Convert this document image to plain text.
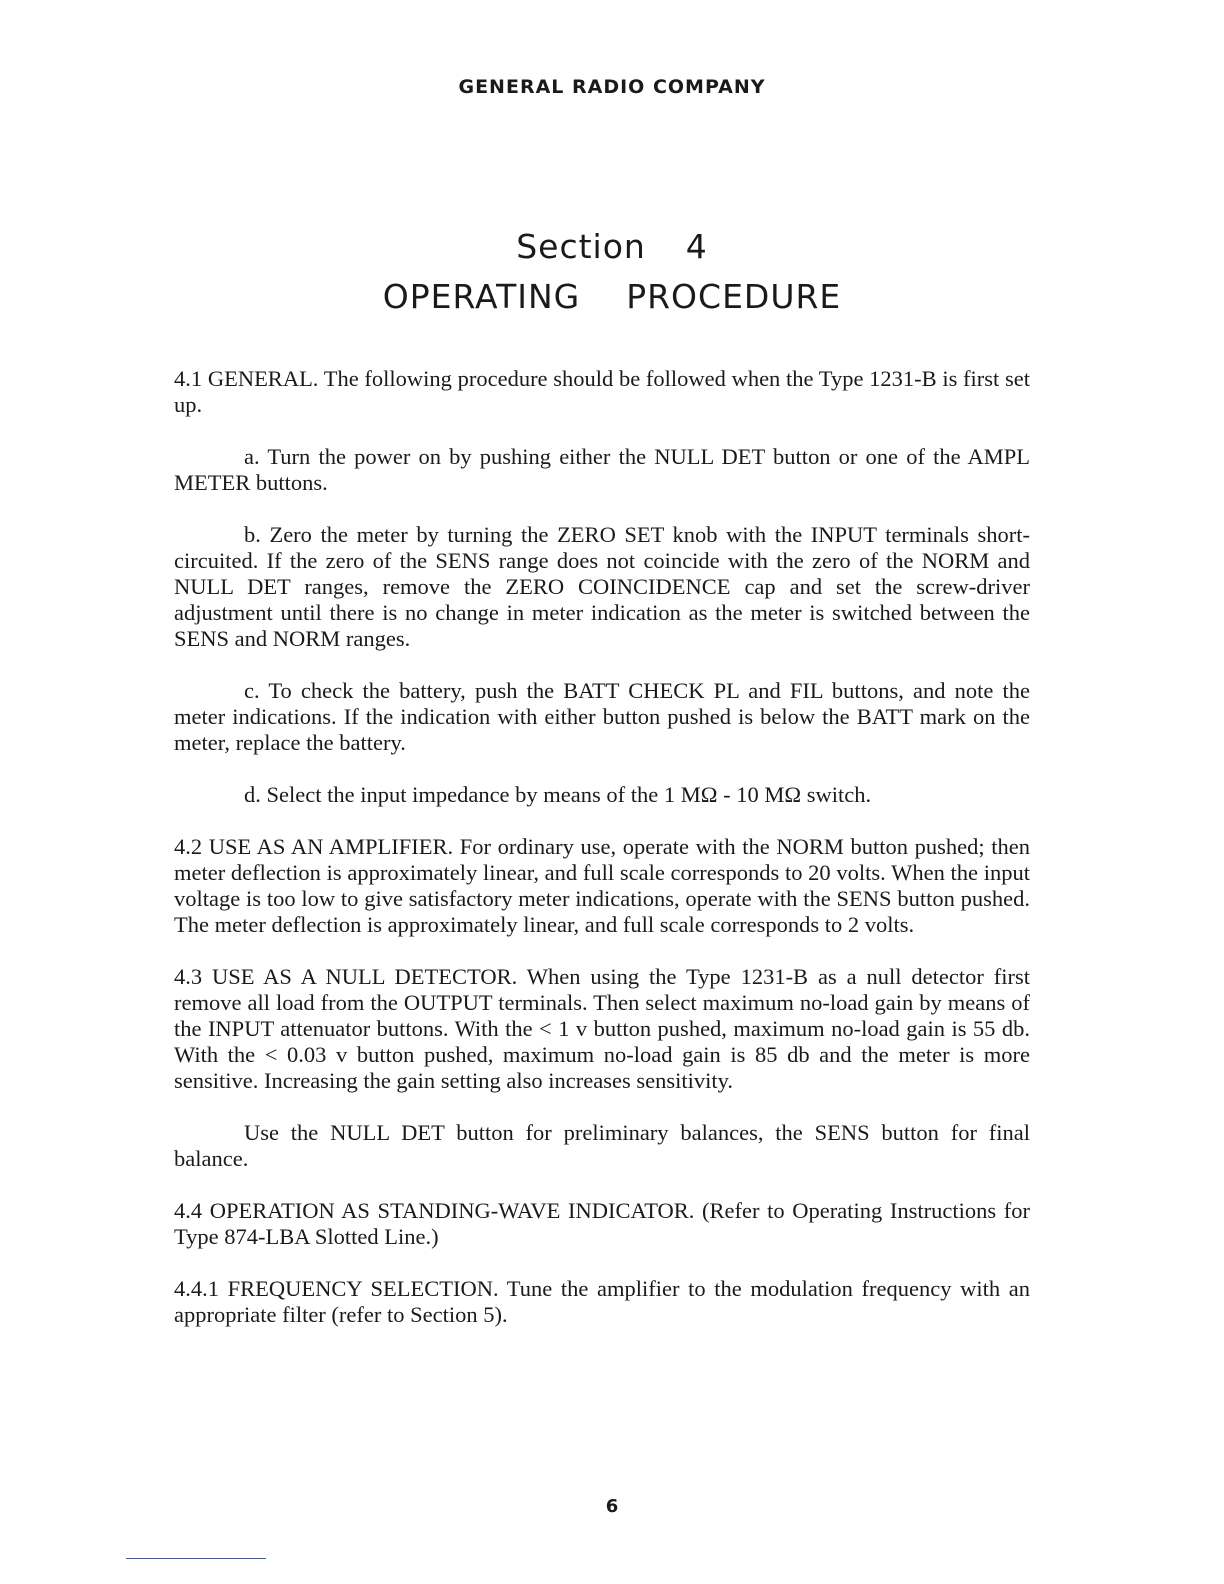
GENERAL RADIO COMPANY
Section 4
OPERATING PROCEDURE

4.1 GENERAL. The following procedure should be followed when the Type 1231-B is first set up.

a. Turn the power on by pushing either the NULL DET button or one of the AMPL METER buttons.

b. Zero the meter by turning the ZERO SET knob with the INPUT terminals short-circuited. If the zero of the SENS range does not coincide with the zero of the NORM and NULL DET ranges, remove the ZERO COINCIDENCE cap and set the screw-driver adjustment until there is no change in meter indication as the meter is switched between the SENS and NORM ranges.

c. To check the battery, push the BATT CHECK PL and FIL buttons, and note the meter indications. If the indication with either button pushed is below the BATT mark on the meter, replace the battery.

d. Select the input impedance by means of the 1 MΩ - 10 MΩ switch.

4.2 USE AS AN AMPLIFIER. For ordinary use, operate with the NORM button pushed; then meter deflection is approximately linear, and full scale corresponds to 20 volts. When the input voltage is too low to give satisfactory meter indications, operate with the SENS button pushed. The meter deflection is approximately linear, and full scale corresponds to 2 volts.

4.3 USE AS A NULL DETECTOR. When using the Type 1231-B as a null detector first remove all load from the OUTPUT terminals. Then select maximum no-load gain by means of the INPUT attenuator buttons. With the < 1 v button pushed, maximum no-load gain is 55 db. With the < 0.03 v button pushed, maximum no-load gain is 85 db and the meter is more sensitive. Increasing the gain setting also increases sensitivity.

Use the NULL DET button for preliminary balances, the SENS button for final balance.

4.4 OPERATION AS STANDING-WAVE INDICATOR. (Refer to Operating Instructions for Type 874-LBA Slotted Line.)

4.4.1 FREQUENCY SELECTION. Tune the amplifier to the modulation frequency with an appropriate filter (refer to Section 5).

6
